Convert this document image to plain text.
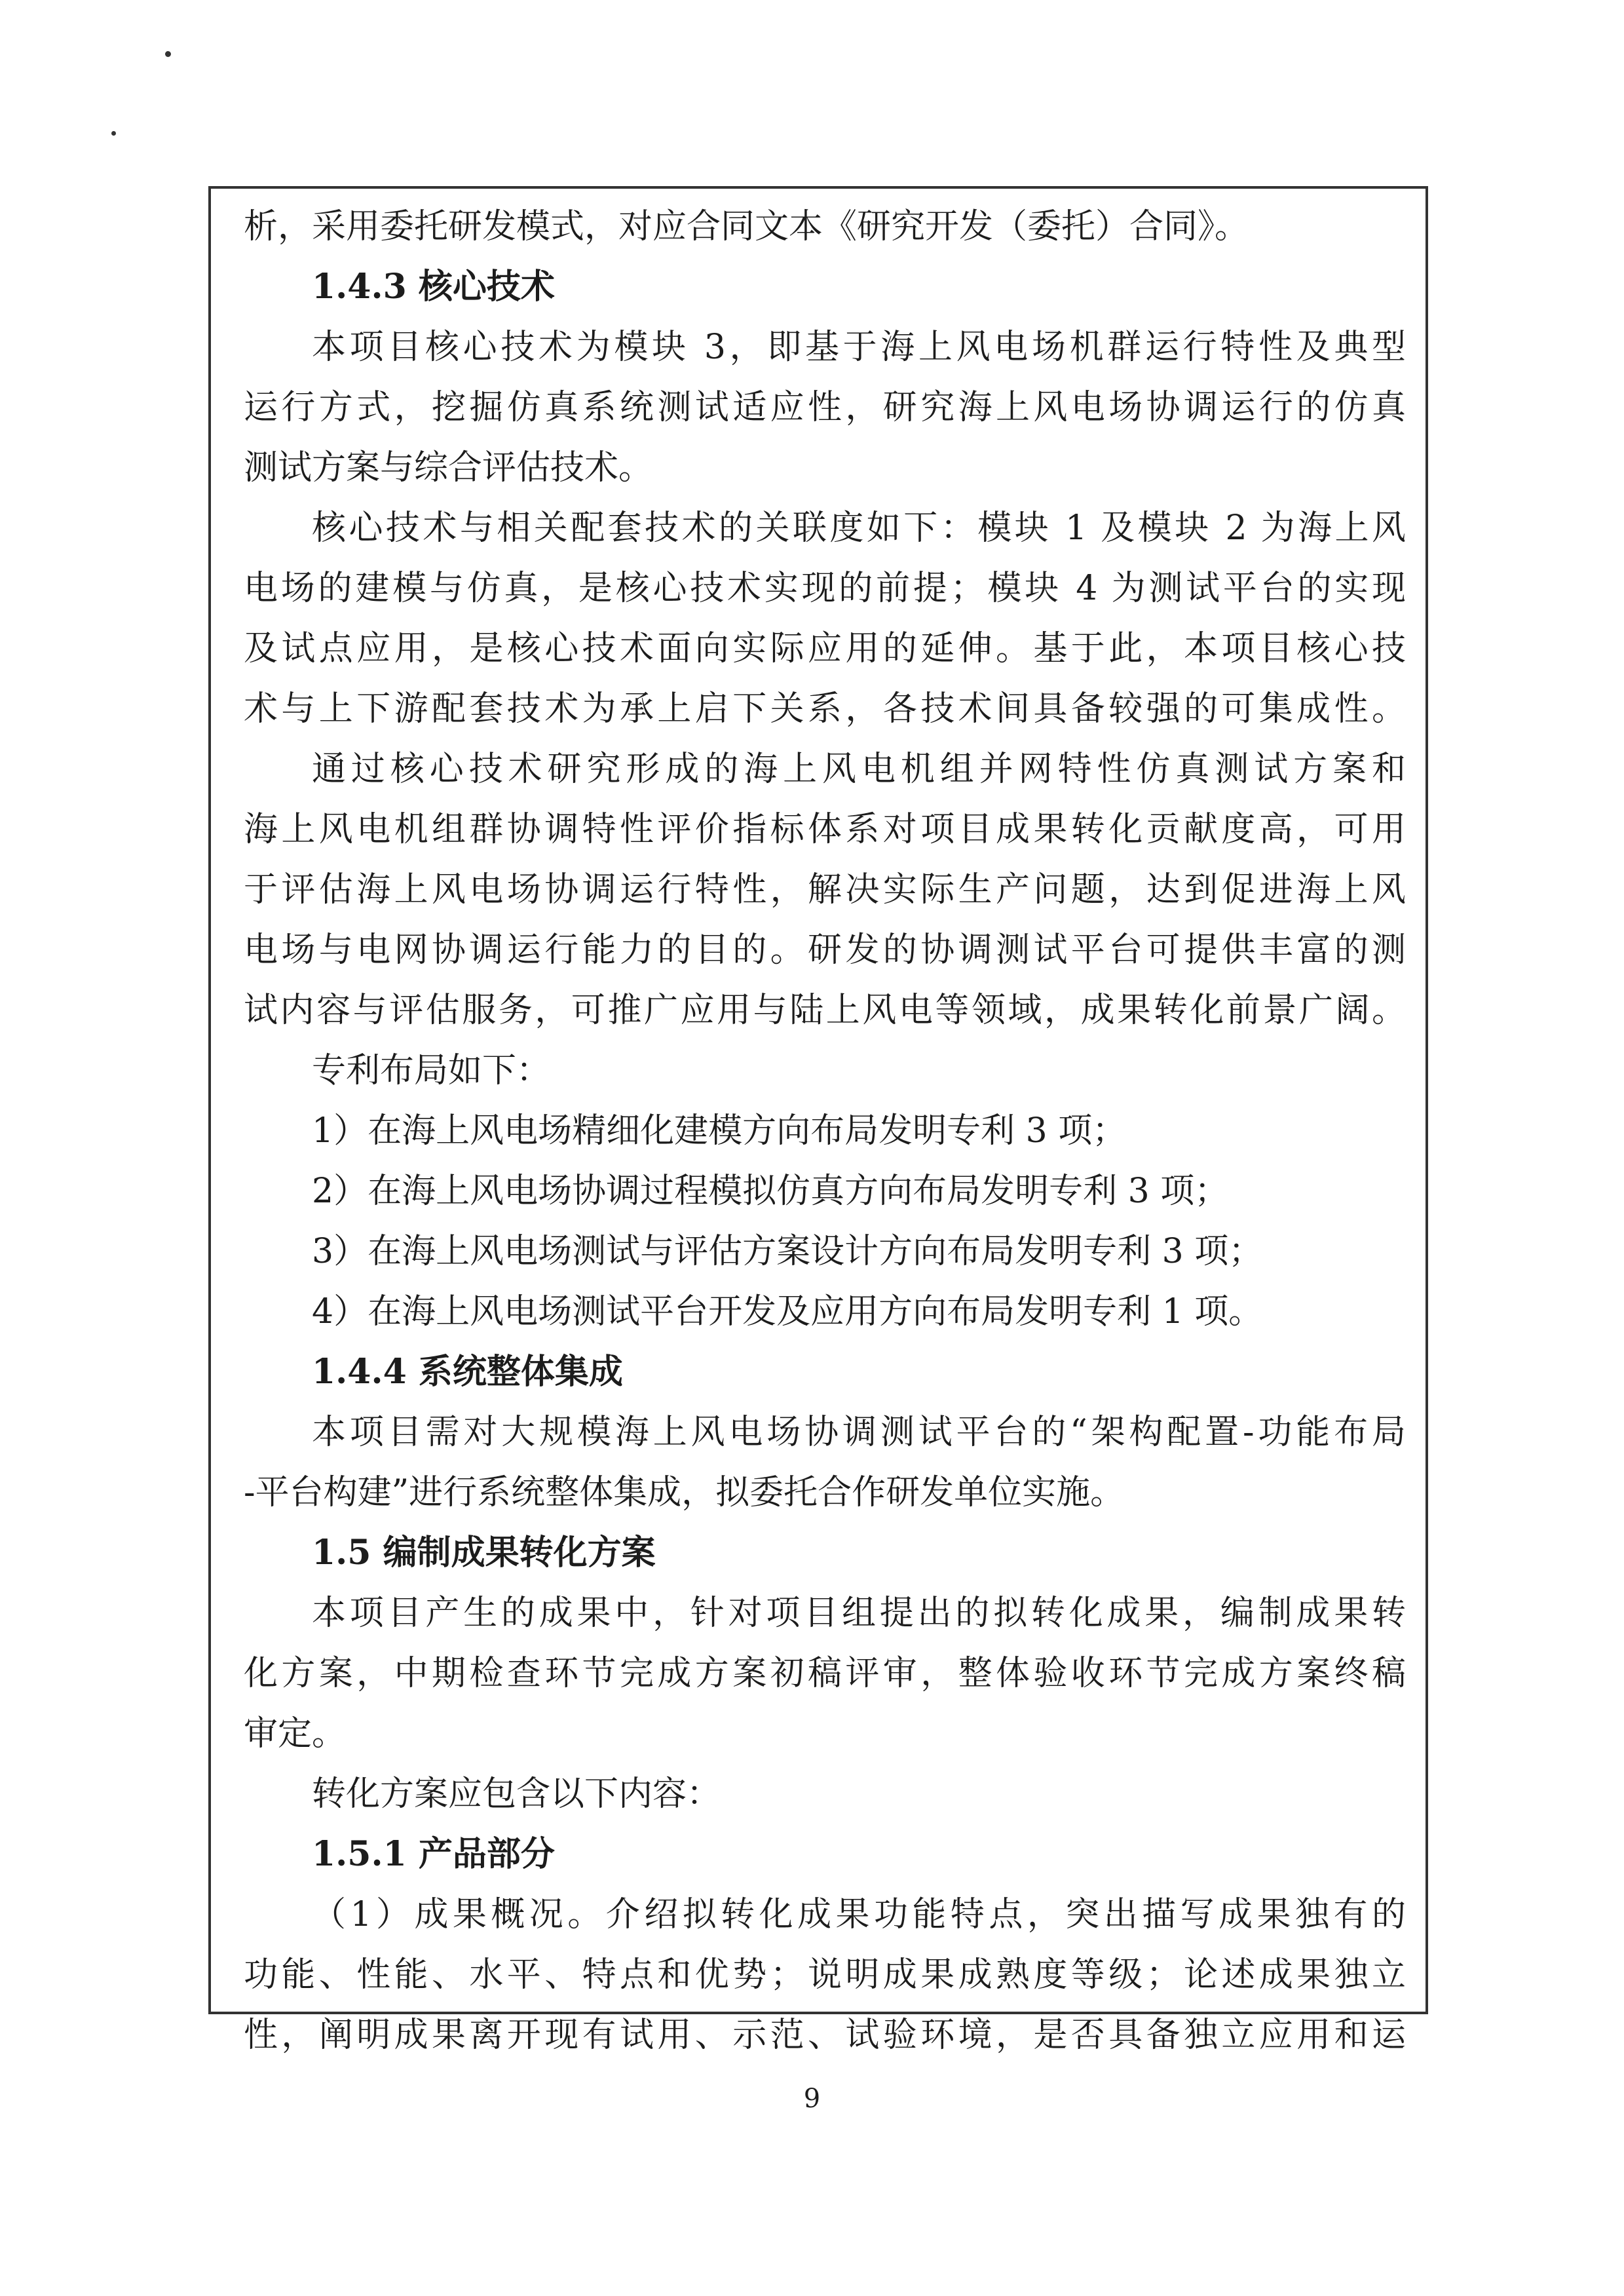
析，采用委托研发模式，对应合同文本《研究开发（委托）合同》。
1.4.3 核心技术
本项目核心技术为模块 3，即基于海上风电场机群运行特性及典型
运行方式，挖掘仿真系统测试适应性，研究海上风电场协调运行的仿真
测试方案与综合评估技术。
核心技术与相关配套技术的关联度如下：模块 1 及模块 2 为海上风
电场的建模与仿真，是核心技术实现的前提；模块 4 为测试平台的实现
及试点应用，是核心技术面向实际应用的延伸。基于此，本项目核心技
术与上下游配套技术为承上启下关系，各技术间具备较强的可集成性。
通过核心技术研究形成的海上风电机组并网特性仿真测试方案和
海上风电机组群协调特性评价指标体系对项目成果转化贡献度高，可用
于评估海上风电场协调运行特性，解决实际生产问题，达到促进海上风
电场与电网协调运行能力的目的。研发的协调测试平台可提供丰富的测
试内容与评估服务，可推广应用与陆上风电等领域，成果转化前景广阔。
专利布局如下：
1）在海上风电场精细化建模方向布局发明专利 3 项；
2）在海上风电场协调过程模拟仿真方向布局发明专利 3 项；
3）在海上风电场测试与评估方案设计方向布局发明专利 3 项；
4）在海上风电场测试平台开发及应用方向布局发明专利 1 项。
1.4.4 系统整体集成
本项目需对大规模海上风电场协调测试平台的“架构配置-功能布局
-平台构建”进行系统整体集成，拟委托合作研发单位实施。
1.5 编制成果转化方案
本项目产生的成果中，针对项目组提出的拟转化成果，编制成果转
化方案，中期检查环节完成方案初稿评审，整体验收环节完成方案终稿
审定。
转化方案应包含以下内容：
1.5.1 产品部分
（1）成果概况。介绍拟转化成果功能特点，突出描写成果独有的
功能、性能、水平、特点和优势；说明成果成熟度等级；论述成果独立
性，阐明成果离开现有试用、示范、试验环境，是否具备独立应用和运
9
